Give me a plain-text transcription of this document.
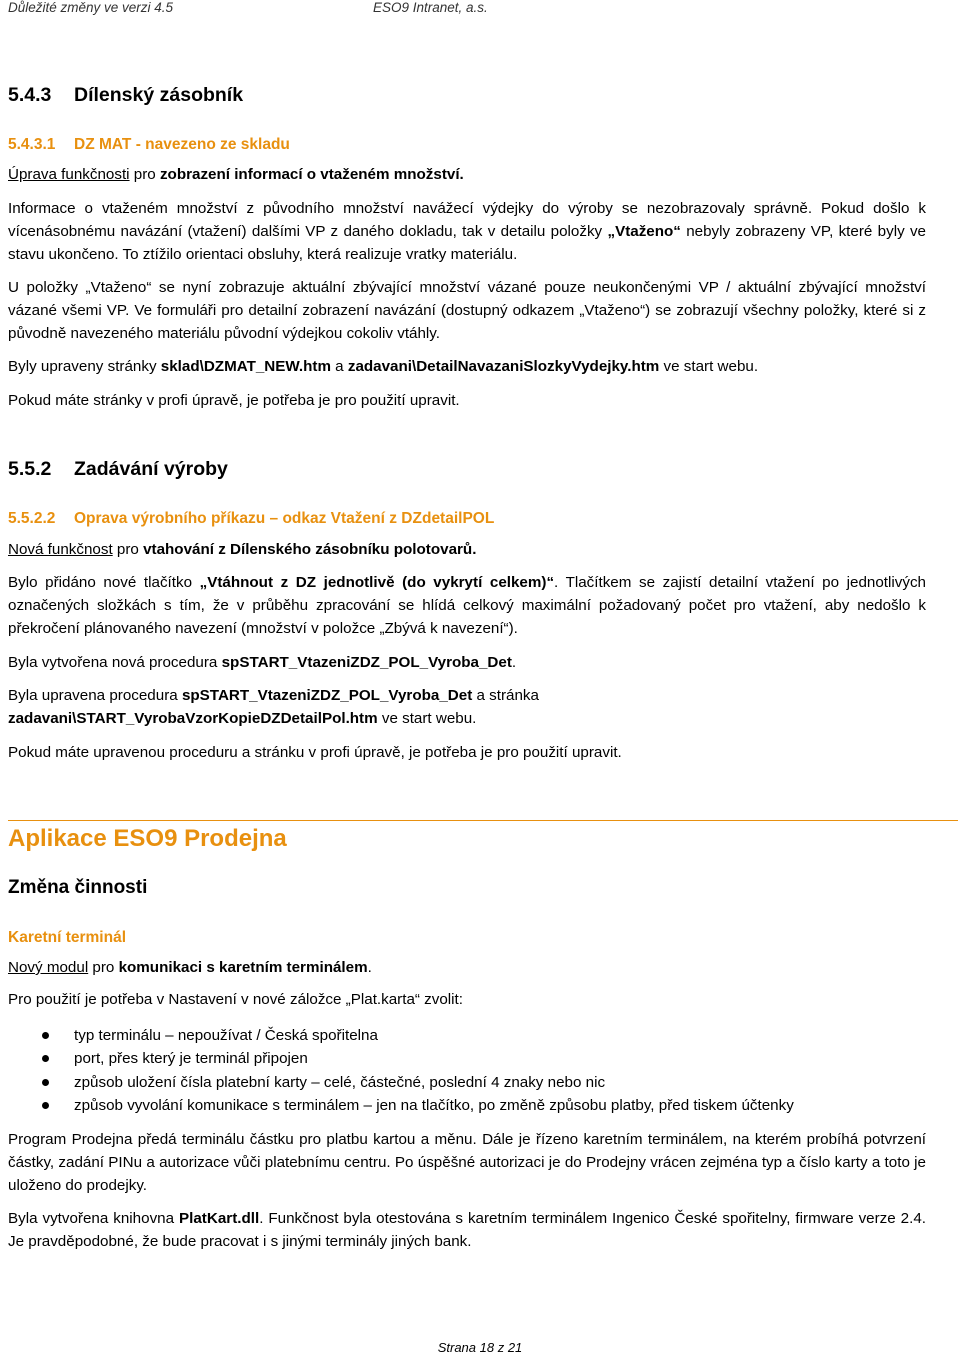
Důležité změny ve verzi 4.5	ESO9 Intranet, a.s.
5.4.3 Dílenský zásobník
5.4.3.1 DZ MAT - navezeno ze skladu

Úprava funkčnosti pro zobrazení informací o vtaženém množství.

Informace o vtaženém množství z původního množství navážecí výdejky do výroby se nezobrazovaly správně. Pokud došlo k vícenásobnému navázání (vtažení) dalšími VP z daného dokladu, tak v detailu položky „Vtaženo“ nebyly zobrazeny VP, které byly ve stavu ukončeno. To ztížilo orientaci obsluhy, která realizuje vratky materiálu.

U položky „Vtaženo“ se nyní zobrazuje aktuální zbývající množství vázané pouze neukončenými VP / aktuální zbývající množství vázané všemi VP. Ve formuláři pro detailní zobrazení navázání (dostupný odkazem „Vtaženo“) se zobrazují všechny položky, které si z původně navezeného materiálu původní výdejkou cokoliv vtáhly.

Byly upraveny stránky sklad\DZMAT_NEW.htm a zadavani\DetailNavazaniSlozkyVydejky.htm ve start webu.

Pokud máte stránky v profi úpravě, je potřeba je pro použití upravit.

5.5.2 Zadávání výroby
5.5.2.2 Oprava výrobního příkazu – odkaz Vtažení z DZdetailPOL

Nová funkčnost pro vtahování z Dílenského zásobníku polotovarů.

Bylo přidáno nové tlačítko „Vtáhnout z DZ jednotlivě (do vykrytí celkem)“. Tlačítkem se zajistí detailní vtažení po jednotlivých označených složkách s tím, že v průběhu zpracování se hlídá celkový maximální požadovaný počet pro vtažení, aby nedošlo k překročení plánovaného navezení (množství v položce „Zbývá k navezení“).

Byla vytvořena nová procedura spSTART_VtazeniZDZ_POL_Vyroba_Det.

Byla upravena procedura spSTART_VtazeniZDZ_POL_Vyroba_Det a stránka
zadavani\START_VyrobaVzorKopieDZDetailPol.htm ve start webu.

Pokud máte upravenou proceduru a stránku v profi úpravě, je potřeba je pro použití upravit.

Aplikace ESO9 Prodejna
Změna činnosti
Karetní terminál

Nový modul pro komunikaci s karetním terminálem.

Pro použití je potřeba v Nastavení v nové záložce „Plat.karta“ zvolit:

typ terminálu – nepoužívat / Česká spořitelna
port, přes který je terminál připojen
způsob uložení čísla platební karty – celé, částečné, poslední 4 znaky nebo nic
způsob vyvolání komunikace s terminálem – jen na tlačítko, po změně způsobu platby, před tiskem účtenky

Program Prodejna předá terminálu částku pro platbu kartou a měnu. Dále je řízeno karetním terminálem, na kterém probíhá potvrzení částky, zadání PINu a autorizace vůči platebnímu centru. Po úspěšné autorizaci je do Prodejny vrácen zejména typ a číslo karty a toto je uloženo do prodejky.

Byla vytvořena knihovna PlatKart.dll. Funkčnost byla otestována s karetním terminálem Ingenico České spořitelny, firmware verze 2.4. Je pravděpodobné, že bude pracovat i s jinými terminály jiných bank.

Strana 18 z 21
